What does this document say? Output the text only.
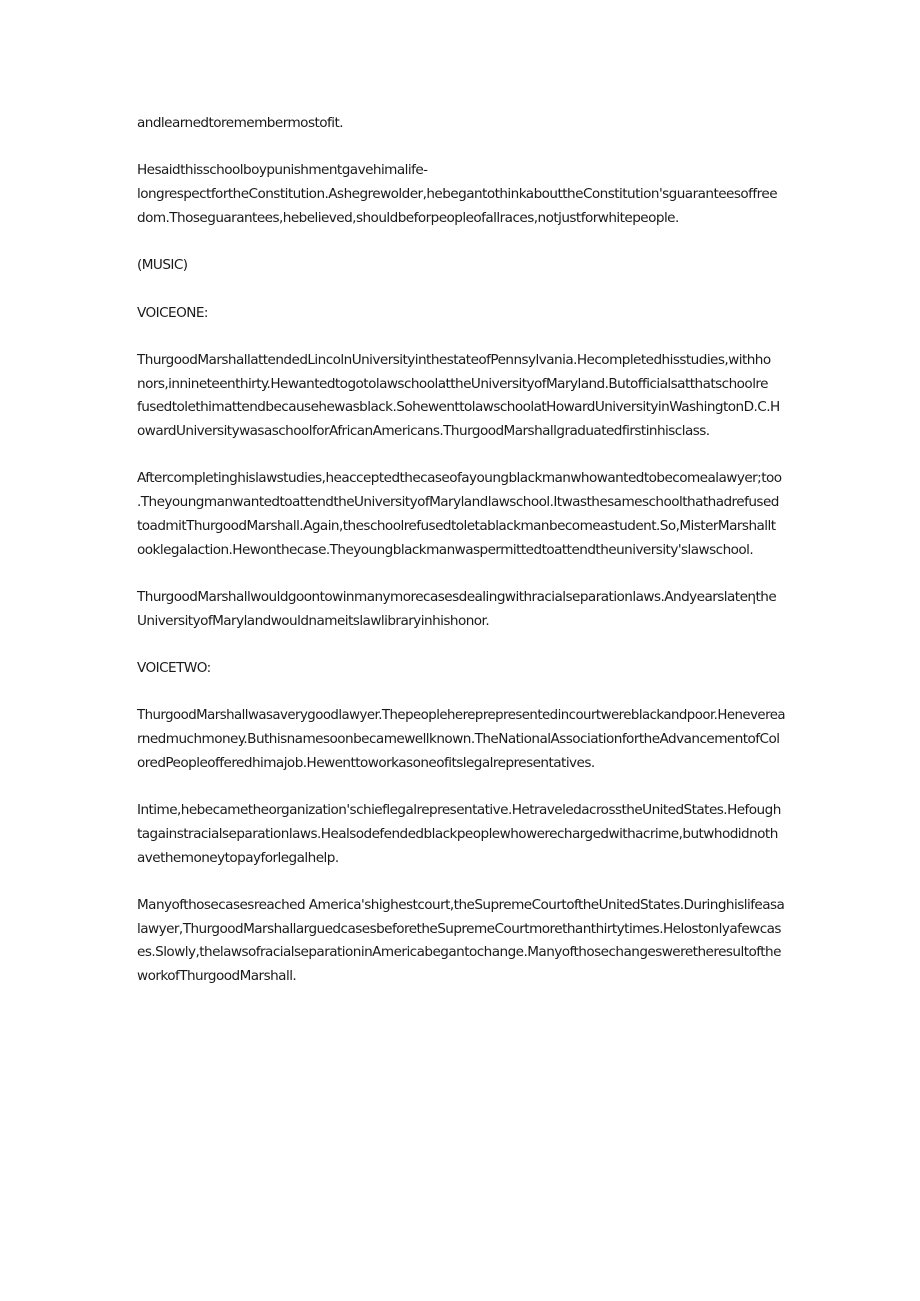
andlearnedtoremembermostofit.

Hesaidthisschoolboypunishmentgavehimalife-
longrespectfortheConstitution.Ashegrewolder,hebegantothinkabouttheConstitution'sguaranteesoffree
dom.Thoseguarantees,hebelieved,shouldbeforpeopleofallraces,notjustforwhitepeople.

(MUSIC)

VOICEONE:

ThurgoodMarshallattendedLincolnUniversityinthestateofPennsylvania.Hecompletedhisstudies,withho
nors,innineteenthirty.HewantedtogotolawschoolattheUniversityofMaryland.Butofficialsatthatschoolre
fusedtolethimattendbecausehewasblack.SohewenttolawschoolatHowardUniversityinWashingtonD.C.H
owardUniversitywasaschoolforAfricanAmericans.ThurgoodMarshallgraduatedfirstinhisclass.

Aftercompletinghislawstudies,heacceptedthecaseofayoungblackmanwhowantedtobecomealawyer;too
.TheyoungmanwantedtoattendtheUniversityofMarylandlawschool.Itwasthesameschoolthathadrefused
toadmitThurgoodMarshall.Again,theschoolrefusedtoletablackmanbecomeastudent.So,MisterMarshallt
ooklegalaction.Hewonthecase.Theyoungblackmanwaspermittedtoattendtheuniversity'slawschool.

ThurgoodMarshallwouldgoontowinmanymorecasesdealingwithracialseparationlaws.Andyearslateηthe
UniversityofMarylandwouldnameitslawlibraryinhishonor.

VOICETWO:

ThurgoodMarshallwasaverygoodlawyer.Thepeoplehereprepresentedincourtwereblackandpoor.Heneverea
rnedmuchmoney.Buthisnamesoonbecamewellknown.TheNationalAssociationfortheAdvancementofCol
oredPeopleofferedhimajob.Hewenttoworkasoneofitslegalrepresentatives.

Intime,hebecametheorganization'schieflegalrepresentative.HetraveledacrosstheUnitedStates.Hefough
tagainstracialseparationlaws.Healsodefendedblackpeoplewhowerechargedwithacrime,butwhodidnoth
avethemoneytopayforlegalhelp.

Manyofthosecasesreached America'shighestcourt,theSupremeCourtoftheUnitedStates.Duringhislifeasa
lawyer,ThurgoodMarshallarguedcasesbeforetheSupremeCourtmorethanthirtytimes.Helostonlyafewcas
es.Slowly,thelawsofracialseparationinAmericabegantochange.Manyofthosechangesweretheresultofthe
workofThurgoodMarshall.
